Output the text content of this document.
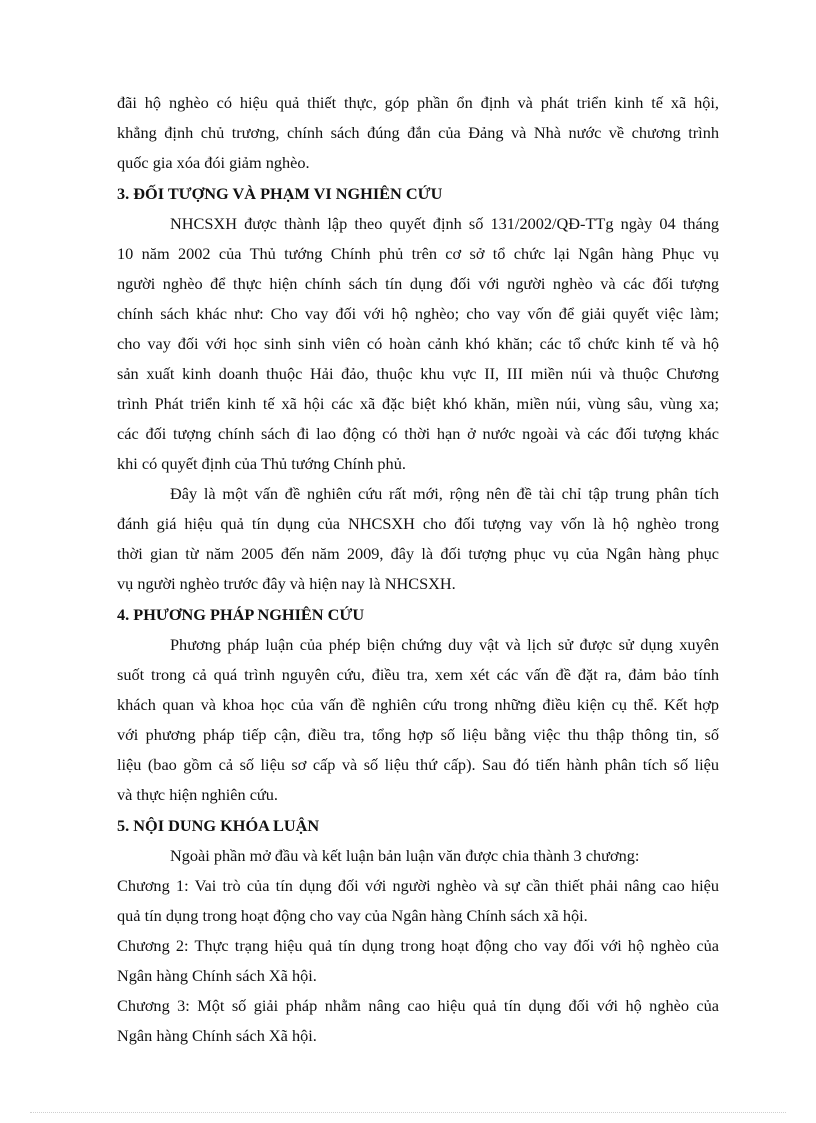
đãi hộ nghèo có hiệu quả thiết thực, góp phần ổn định và phát triển kinh tế xã hội,
khẳng định chủ trương, chính sách đúng đắn của Đảng và Nhà nước về chương trình
quốc gia xóa đói giảm nghèo.
3. ĐỐI TƯỢNG VÀ PHẠM VI NGHIÊN CỨU
NHCSXH được thành lập theo quyết định số 131/2002/QĐ-TTg ngày 04 tháng
10 năm 2002 của Thủ tướng Chính phủ trên cơ sở tổ chức lại Ngân hàng Phục vụ
người nghèo để thực hiện chính sách tín dụng đối với người nghèo và các đối tượng
chính sách khác như: Cho vay đối với hộ nghèo; cho vay vốn để giải quyết việc làm;
cho vay đối với học sinh sinh viên có hoàn cảnh khó khăn; các tổ chức kinh tế và hộ
sản xuất kinh doanh thuộc Hải đảo, thuộc khu vực II, III miền núi và thuộc Chương
trình Phát triển kinh tế xã hội các xã đặc biệt khó khăn, miền núi, vùng sâu, vùng xa;
các đối tượng chính sách đi lao động có thời hạn ở nước ngoài và các đối tượng khác
khi có quyết định của Thủ tướng Chính phủ.
Đây là một vấn đề nghiên cứu rất mới, rộng nên đề tài chỉ tập trung phân tích
đánh giá hiệu quả tín dụng của NHCSXH cho đối tượng vay vốn là hộ nghèo trong
thời gian từ năm 2005 đến năm 2009, đây là đối tượng phục vụ của Ngân hàng phục
vụ người nghèo trước đây và hiện nay là NHCSXH.
4. PHƯƠNG PHÁP NGHIÊN CỨU
Phương pháp luận của phép biện chứng duy vật và lịch sử được sử dụng xuyên
suốt trong cả quá trình nguyên cứu, điều tra, xem xét các vấn đề đặt ra, đảm bảo tính
khách quan và khoa học của vấn đề nghiên cứu trong những điều kiện cụ thể. Kết hợp
với phương pháp tiếp cận, điều tra, tổng hợp số liệu bằng việc thu thập thông tin, số
liệu (bao gồm cả số liệu sơ cấp và số liệu thứ cấp). Sau đó tiến hành phân tích số liệu
và thực hiện nghiên cứu.
5. NỘI DUNG KHÓA LUẬN
Ngoài phần mở đầu và kết luận bản luận văn được chia thành 3 chương:
Chương 1: Vai trò của tín dụng đối với người nghèo và sự cần thiết phải nâng cao hiệu
quả tín dụng trong hoạt động cho vay của Ngân hàng Chính sách xã hội.
Chương 2: Thực trạng hiệu quả tín dụng trong hoạt động cho vay đối với hộ nghèo của
Ngân hàng Chính sách Xã hội.
Chương 3: Một số giải pháp nhằm nâng cao hiệu quả tín dụng đối với hộ nghèo của
Ngân hàng Chính sách Xã hội.
